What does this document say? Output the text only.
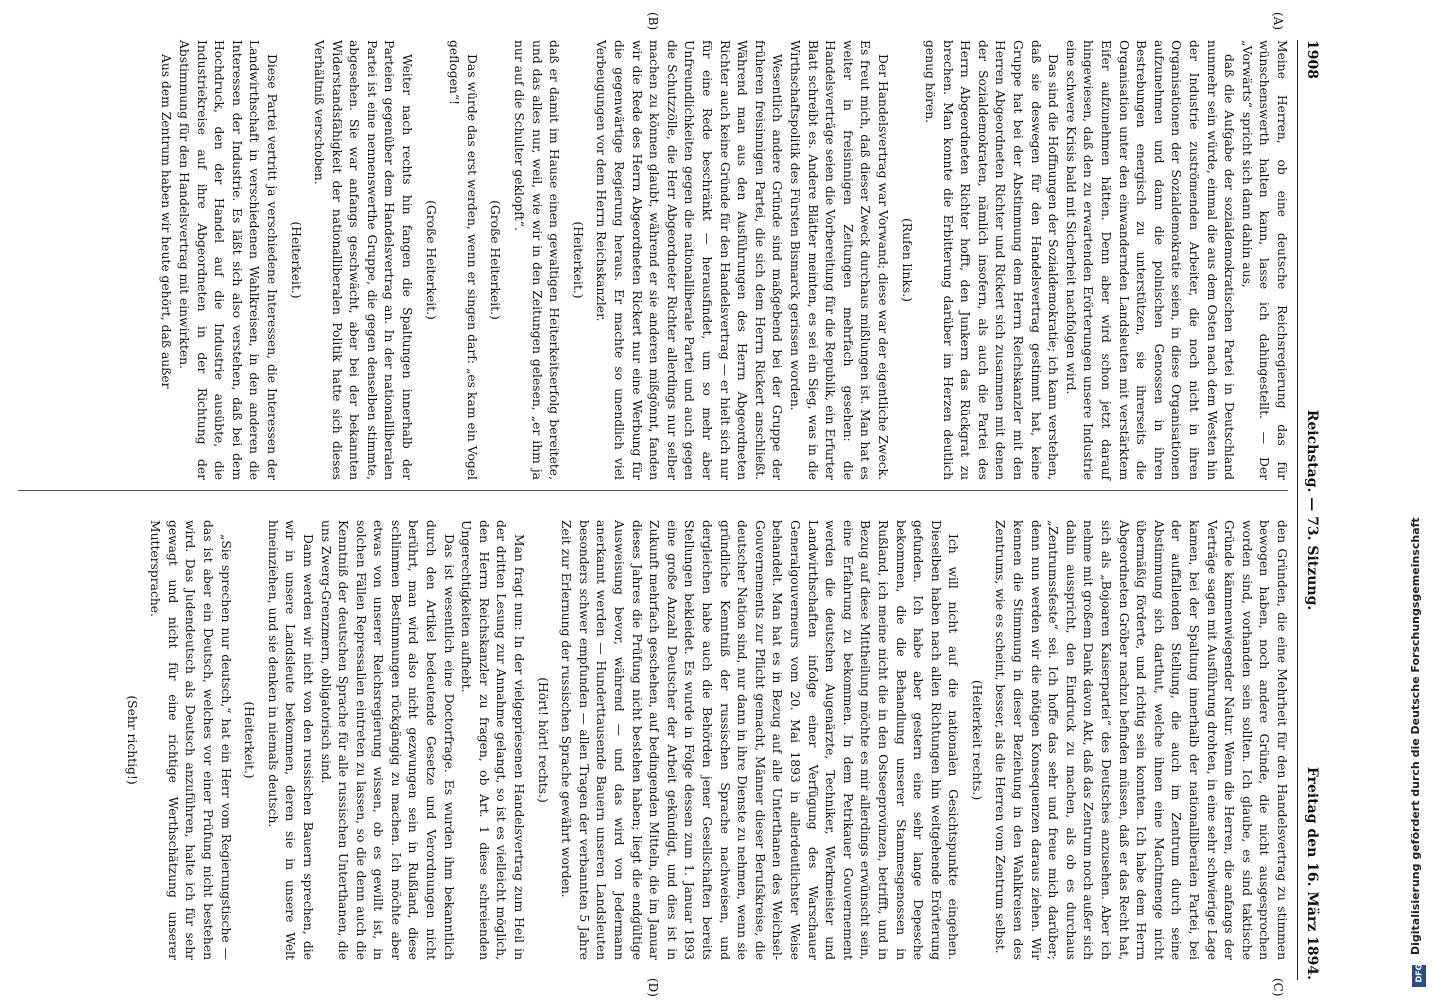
1908
Reichstag. — 73. Sitzung.
Freitag den 16. März 1894.
(A)
(B)
(C)
(D)

Meine Herren, ob eine deutsche Reichsregierung das für wünschenswerth halten kann, lasse ich dahingestellt. — Der „Vorwärts“ spricht sich dann dahin aus,

daß die Aufgabe der sozialdemokratischen Partei in Deutschland nunmehr sein würde, einmal die aus dem Osten nach dem Westen hin der Industrie zuströmenden Arbeiter, die noch nicht in ihren Organisationen der Sozialdemokratie seien, in diese Organisationen aufzunehmen und dann die polnischen Genossen in ihren Bestrebungen energisch zu unterstützen, sie ihrerseits die Organisation unter den einwandernden Landsleuten mit verstärktem Eifer aufzunehmen hätten. Denn aber wird schon jetzt darauf hingewiesen, daß den zu erwartenden Erörterungen unsere Industrie eine schwere Krisis bald mit Sicherheit nachfolgen wird.

Das sind die Hoffnungen der Sozialdemokratie; ich kann verstehen, daß sie deswegen für den Handelsvertrag gestimmt hat, keine Gruppe hat bei der Abstimmung dem Herrn Reichskanzler mit den Herren Abgeordneten Richter und Rickert sich zusammen mit denen der Sozialdemokraten, nämlich insofern, als auch die Partei des Herrn Abgeordneten Richter hofft, den Junkern das Rückgrat zu brechen. Man konnte die Erbitterung darüber im Herzen deutlich genug hören.

(Rufen links.)

Der Handelsvertrag war Vorwand; diese war der eigentliche Zweck. Es freut mich, daß dieser Zweck durchaus mißlungen ist. Man hat es weiter in freisinnigen Zeitungen mehrfach gesehen: die Handelsverträge seien die Vorbereitung für die Republik, ein Erfurter Blatt schreibt es. Andere Blätter meinten, es sei ein Sieg, was in die Wirthschaftspolitik des Fürsten Bismarck gerissen worden.

Wesentlich andere Gründe sind maßgebend bei der Gruppe der früheren freisinnigen Partei, die sich dem Herrn Rickert anschließt. Während man aus den Ausführungen des Herrn Abgeordneten Richter auch keine Gründe für den Handelsvertrag — er hielt sich nur für eine Rede beschränkt — herausfindet, um so mehr aber Unfreundlichkeiten gegen die nationalliberale Partei und auch gegen die Schutzzölle, die Herr Abgeordneter Richter allerdings nur selber machen zu können glaubt, während er sie anderen mißgönnt, fanden wir die Rede des Herrn Abgeordneten Rickert nur eine Werbung für die gegenwärtige Regierung heraus. Er machte so unendlich viel Verbeugungen vor dem Herrn Reichskanzler.

(Heiterkeit.)

daß er damit im Hause einen gewaltigen Heiterkeitserfolg bereitete, und das alles nur, weil, wie wir in den Zeitungen gelesen, „er ihm ja nur auf die Schulter geklopft“.

(Große Heiterkeit.)

Das würde das erst werden, wenn er singen darf: „es kam ein Vogel geflogen“!

(Große Heiterkeit.)

Weiter nach rechts hin fangen die Spaltungen innerhalb der Parteien gegenüber dem Handelsvertrag an. In der nationalliberalen Partei ist eine nennenswerthe Gruppe, die gegen denselben stimmte, abgesehen. Sie war anfangs geschwächt, aber bei der bekannten Widerstandsfähigkeit der nationalliberalen Politik hatte sich dieses Verhältniß verschoben.

(Heiterkeit.)

Diese Partei vertritt ja verschiedene Interessen, die Interessen der Landwirthschaft in verschiedenen Wahlkreisen, in den anderen die Interessen der Industrie. Es läßt sich also verstehen, daß bei dem Hochdruck, den der Handel auf die Industrie ausübte, die Industriekreise auf ihre Abgeordneten in der Richtung der Abstimmung für den Handelsvertrag mit einwirkten.

Aus dem Zentrum haben wir heute gehört, daß außer

den Gründen, die eine Mehrheit für den Handelsvertrag zu stimmen bewogen haben, noch andere Gründe, die nicht ausgesprochen worden sind, vorhanden sein sollten. Ich glaube, es sind taktische Gründe kämmenwiegender Natur. Wenn die Herren, die anfangs der Verträge sagen mit Ausführung drohten, in eine sehr schwierige Lage kamen, bei der Spaltung innerhalb der nationalliberalen Partei, bei der auffallenden Stellung, die auch im Zentrum durch seine Abstimmung sich darthut, welche ihnen eine Machtmenge nicht übermäßig förderte, und richtig sein konnten. Ich habe dem Herrn Abgeordneten Gröber nachzu befinden müssen, daß er das Recht hat, sich als „Bojoaren Kaiserpartei“ des Deutsches anzusehen. Aber ich nehme mit großem Dank davon Akt, daß das Zentrum noch außer sich dahin ausspricht, den Eindruck zu machen, als ob es durchaus „Zentrumssfeste“ sei. Ich hoffe das sehr und freue mich darüber; denn nun werden wir die nötigen Konsequenzen daraus ziehen. Wir kennen die Stimmung in dieser Beziehung in den Wahlkreisen des Zentrums, wie es scheint, besser, als die Herren vom Zentrum selbst.

(Heiterkeit rechts.)

Ich will nicht auf die nationalen Gesichtspunkte eingehen. Dieselben haben nach allen Richtungen hin weitgehende Erörterung gefunden. Ich habe aber gestern eine sehr lange Depesche bekommen, die die Behandlung unserer Stammesgenossen in Rußland, ich meine nicht die in den Ostseeprovinzen, betrifft, und in Bezug auf diese Mittheilung möchte es mir allerdings erwünscht sein, eine Erfahrung zu bekommen. In dem Petrikauer Gouvernement werden die deutschen Augenärzte, Techniker, Werkmeister und Landwirthschaften infolge einer Verfügung des Warschauer Generalgouverneurs vom 20. Mai 1893 in allerdeutlichster Weise behandelt. Man hat es in Bezug auf alle Unterthanen des Weichsel-Gouvernements zur Pflicht gemacht, Männer dieser Berufskreise, die deutscher Nation sind, nur dann in ihre Dienste zu nehmen, wenn sie gründliche Kenntniß der russischen Sprache nachweisen, und dergleichen habe auch die Behörden jener Gesellschaften bereits Stellungen bekleidet. Es wurde in Folge dessen zum 1. Januar 1893 eine große Anzahl Deutscher der Arbeit gekündigt, und dies ist in Zukunft mehrfach geschehen, auf bedingenden Mitteln, die im Januar dieses Jahres die Prüfung nicht bestehen haben; liegt die endgültige Ausweisung bevor, während — und das wird von Jedermann anerkannt werden — Hunderttausende Bauern unseren Landsleuten besonders schwer empfunden — allen Tragen der verbannten 5 Jahre Zeit zur Erlernung der russischen Sprache gewährt worden.

(Hört! hört! rechts.)

Man fragt nun: In der vielgepriesenen Handelsvertrag zum Heil in der dritten Lesung zur Annahme gelangt, so ist es vielleicht möglich, den Herrn Reichskanzler zu fragen, ob Art. 1 diese schreienden Ungerechtigkeiten aufhebt.

Das ist wesentlich eine Doctorfrage. Es wurden ihm bekanntlich durch den Artikel bedeutende Gesetze und Verordnungen nicht berührt, man wird also nicht gezwungen sein in Rußland, diese schlimmen Bestimmungen rückgängig zu machen. Ich möchte aber etwas von unserer Reichsregierung wissen, ob es gewillt ist, in solchen Fällen Repressalien eintreten zu lassen, so die denn auch die Kenntniß der deutschen Sprache für alle russischen Unterthanen, die uns Zwerg-Grenzmern, obligatorisch sind.

Dann werden wir nicht von den russischen Bauern sprechen, die wir in unsere Landsleute bekommen, deren sie in unsere Welt hineinziehen, und sie denken in niemals deutsch.

(Heiterkeit.)

„Sie sprechen nur deutsch,“ hat ein Herr vom Regierungstische — das ist aber ein Deutsch, welches vor einer Prüfung nicht bestehen wird. Das Judendeutsch als Deutsch anzuführen, halte ich für sehr gewagt und nicht für eine richtige Werthschätzung unserer Muttersprache.

(Sehr richtig!)

DFG
Digitalisierung gefördert durch die Deutsche Forschungsgemeinschaft
